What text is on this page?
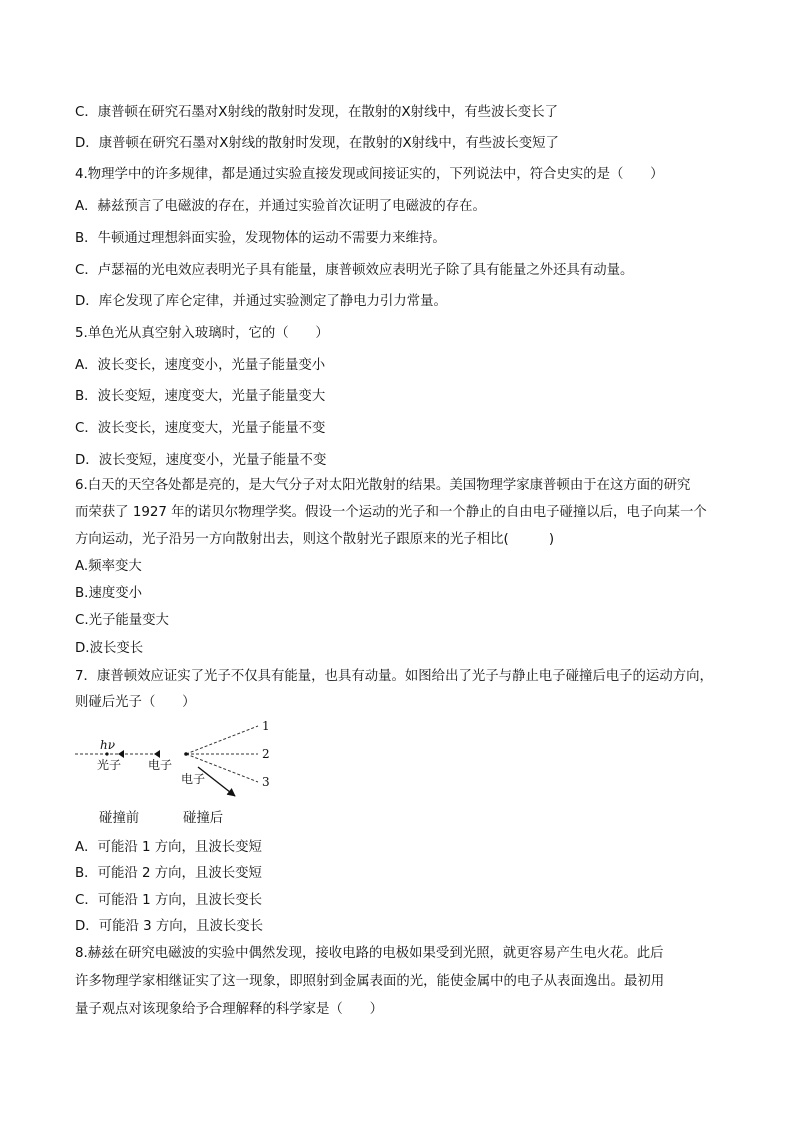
C．康普顿在研究石墨对Ⅹ射线的散射时发现，在散射的Ⅹ射线中，有些波长变长了
D．康普顿在研究石墨对Ⅹ射线的散射时发现，在散射的Ⅹ射线中，有些波长变短了
4.物理学中的许多规律，都是通过实验直接发现或间接证实的，下列说法中，符合史实的是（　　）
A．赫兹预言了电磁波的存在，并通过实验首次证明了电磁波的存在。
B．牛顿通过理想斜面实验，发现物体的运动不需要力来维持。
C．卢瑟福的光电效应表明光子具有能量，康普顿效应表明光子除了具有能量之外还具有动量。
D．库仑发现了库仑定律，并通过实验测定了静电力引力常量。
5.单色光从真空射入玻璃时，它的（　　）
A．波长变长，速度变小，光量子能量变小
B．波长变短，速度变大，光量子能量变大
C．波长变长，速度变大，光量子能量不变
D．波长变短，速度变小，光量子能量不变
6.白天的天空各处都是亮的，是大气分子对太阳光散射的结果。美国物理学家康普顿由于在这方面的研究
而荣获了 1927 年的诺贝尔物理学奖。假设一个运动的光子和一个静止的自由电子碰撞以后，电子向某一个
方向运动，光子沿另一方向散射出去，则这个散射光子跟原来的光子相比(　　　)
A.频率变大
B.速度变小
C.光子能量变大
D.波长变长
7．康普顿效应证实了光子不仅具有能量，也具有动量。如图给出了光子与静止电子碰撞后电子的运动方向，
则碰后光子（　　）
hν
光子 电子
1
2
3
电子
碰撞前	碰撞后
A．可能沿 1 方向，且波长变短
B．可能沿 2 方向，且波长变短
C．可能沿 1 方向，且波长变长
D．可能沿 3 方向，且波长变长
8.赫兹在研究电磁波的实验中偶然发现，接收电路的电极如果受到光照，就更容易产生电火花。此后
许多物理学家相继证实了这一现象，即照射到金属表面的光，能使金属中的电子从表面逸出。最初用
量子观点对该现象给予合理解释的科学家是（　　）
